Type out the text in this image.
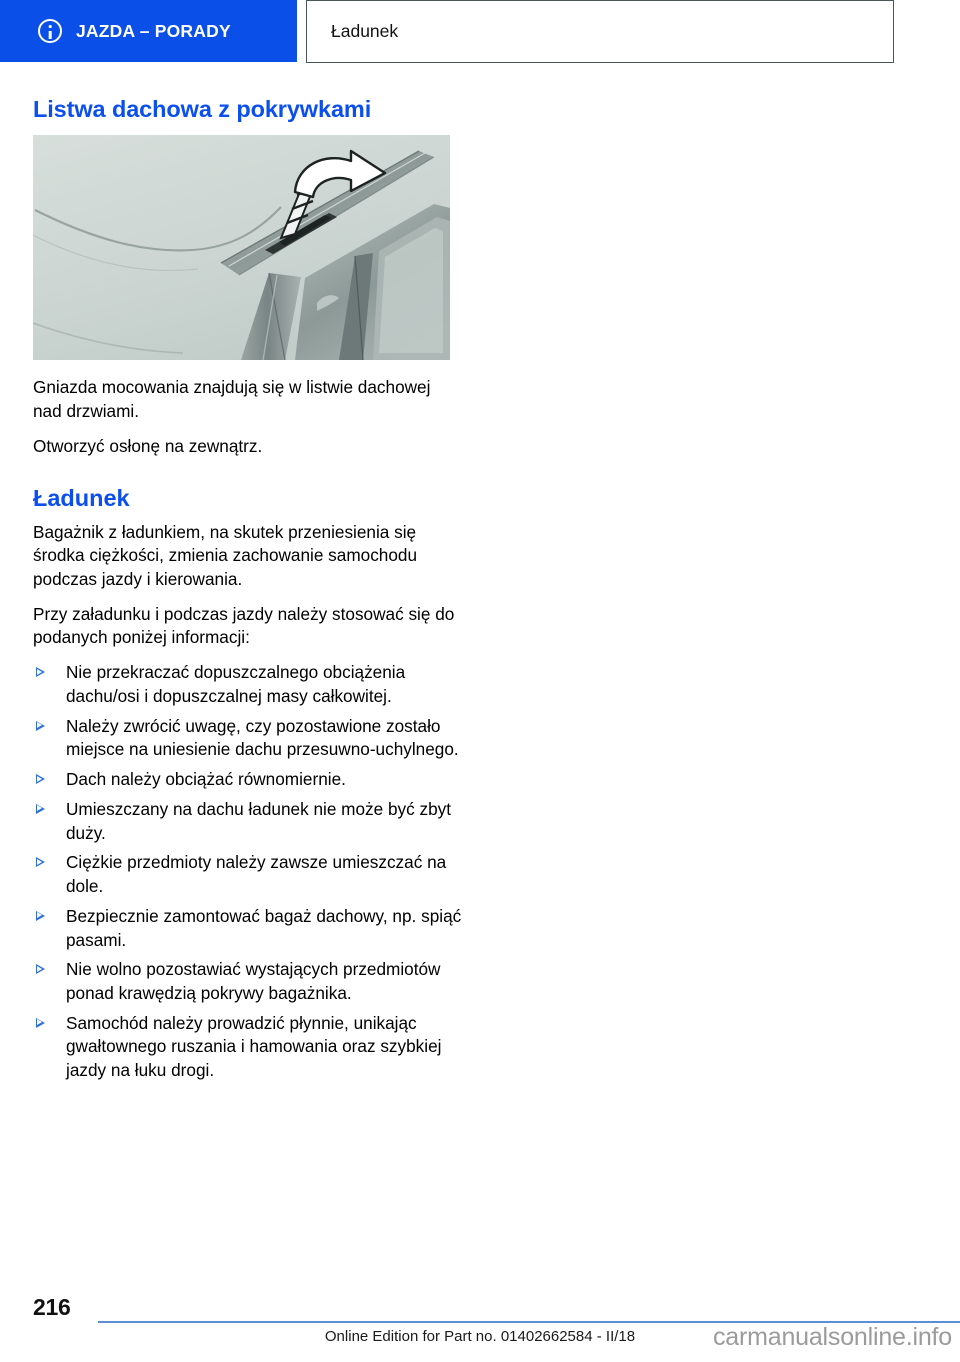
JAZDA – PORADY	Ładunek
Listwa dachowa z pokrywkami

Gniazda mocowania znajdują się w listwie dachowej nad drzwiami.

Otworzyć osłonę na zewnątrz.

Ładunek

Bagażnik z ładunkiem, na skutek przeniesienia się środka ciężkości, zmienia zachowanie samochodu podczas jazdy i kierowania.

Przy załadunku i podczas jazdy należy stosować się do podanych poniżej informacji:

Nie przekraczać dopuszczalnego obciążenia dachu/osi i dopuszczalnej masy całkowitej.
Należy zwrócić uwagę, czy pozostawione zostało miejsce na uniesienie dachu przesuwno-uchylnego.
Dach należy obciążać równomiernie.
Umieszczany na dachu ładunek nie może być zbyt duży.
Ciężkie przedmioty należy zawsze umieszczać na dole.
Bezpiecznie zamontować bagaż dachowy, np. spiąć pasami.
Nie wolno pozostawiać wystających przedmiotów ponad krawędzią pokrywy bagażnika.
Samochód należy prowadzić płynnie, unikając gwałtownego ruszania i hamowania oraz szybkiej jazdy na łuku drogi.
216
Online Edition for Part no. 01402662584 - II/18	carmanualsonline.info
